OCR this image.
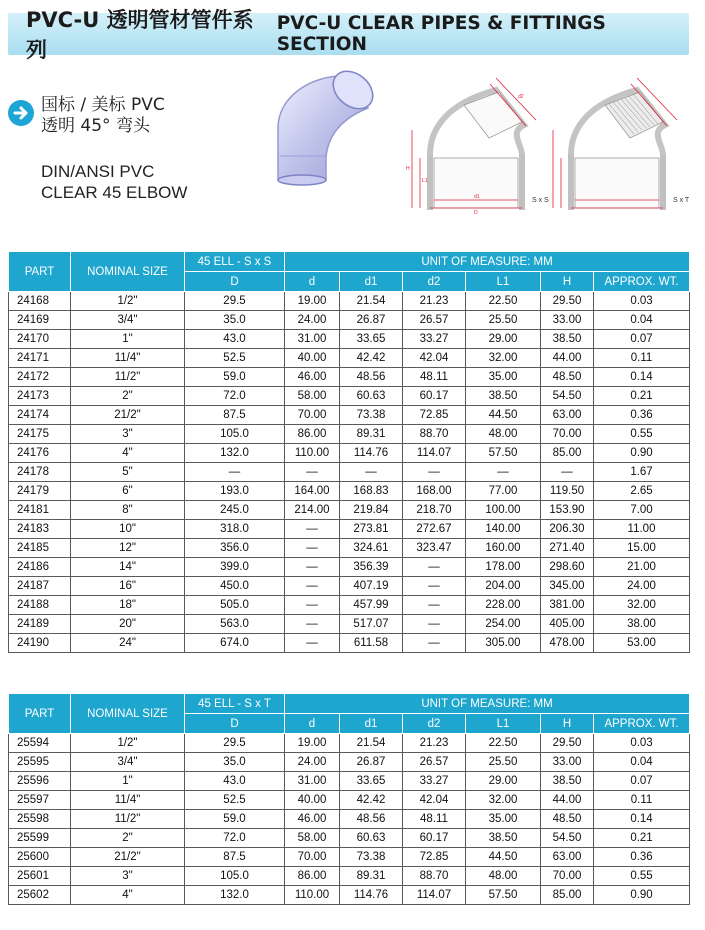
PVC-U 透明管材管件系列
PVC-U CLEAR PIPES & FITTINGS SECTION
国标 / 美标 PVC
透明 45° 弯头
DIN/ANSI PVC
CLEAR 45 ELBOW	d1
D
H
L1
d2
S x S	S x T
PART	NOMINAL SIZE	45 ELL - S x S	UNIT OF MEASURE: MM					
		D	d	d1	d2	L1	H	APPROX. WT.
24168	1/2"	29.5	19.00	21.54	21.23	22.50	29.50	0.03
24169	3/4"	35.0	24.00	26.87	26.57	25.50	33.00	0.04
24170	1"	43.0	31.00	33.65	33.27	29.00	38.50	0.07
24171	11/4"	52.5	40.00	42.42	42.04	32.00	44.00	0.11
24172	11/2"	59.0	46.00	48.56	48.11	35.00	48.50	0.14
24173	2"	72.0	58.00	60.63	60.17	38.50	54.50	0.21
24174	21/2"	87.5	70.00	73.38	72.85	44.50	63.00	0.36
24175	3"	105.0	86.00	89.31	88.70	48.00	70.00	0.55
24176	4"	132.0	110.00	114.76	114.07	57.50	85.00	0.90
24178	5"	—	—	—	—	—	—	1.67
24179	6"	193.0	164.00	168.83	168.00	77.00	119.50	2.65
24181	8"	245.0	214.00	219.84	218.70	100.00	153.90	7.00
24183	10"	318.0	—	273.81	272.67	140.00	206.30	11.00
24185	12"	356.0	—	324.61	323.47	160.00	271.40	15.00
24186	14"	399.0	—	356.39	—	178.00	298.60	21.00
24187	16"	450.0	—	407.19	—	204.00	345.00	24.00
24188	18"	505.0	—	457.99	—	228.00	381.00	32.00
24189	20"	563.0	—	517.07	—	254.00	405.00	38.00
24190	24"	674.0	—	611.58	—	305.00	478.00	53.00
PART	NOMINAL SIZE	45 ELL - S x T	UNIT OF MEASURE: MM					
		D	d	d1	d2	L1	H	APPROX. WT.
25594	1/2"	29.5	19.00	21.54	21.23	22.50	29.50	0.03
25595	3/4"	35.0	24.00	26.87	26.57	25.50	33.00	0.04
25596	1"	43.0	31.00	33.65	33.27	29.00	38.50	0.07
25597	11/4"	52.5	40.00	42.42	42.04	32.00	44.00	0.11
25598	11/2"	59.0	46.00	48.56	48.11	35.00	48.50	0.14
25599	2"	72.0	58.00	60.63	60.17	38.50	54.50	0.21
25600	21/2"	87.5	70.00	73.38	72.85	44.50	63.00	0.36
25601	3"	105.0	86.00	89.31	88.70	48.00	70.00	0.55
25602	4"	132.0	110.00	114.76	114.07	57.50	85.00	0.90
